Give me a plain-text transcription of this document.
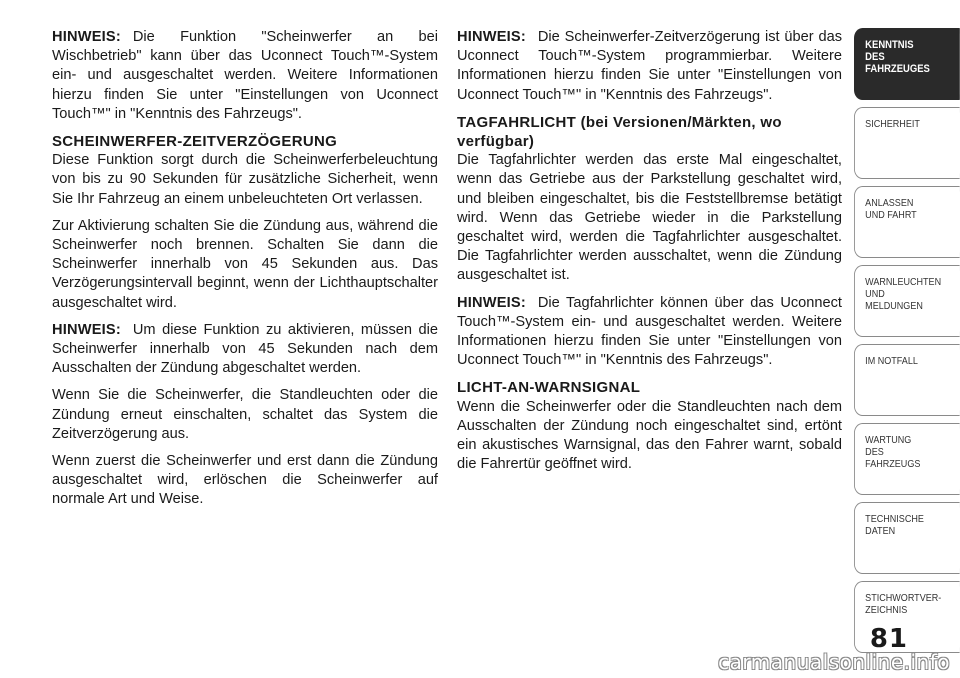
HINWEIS: Die Funktion "Scheinwerfer an bei Wischbetrieb" kann über das Uconnect Touch™-System ein- und ausgeschaltet werden. Weitere Informationen hierzu finden Sie unter "Einstellungen von Uconnect Touch™" in "Kenntnis des Fahrzeugs".

SCHEINWERFER-ZEITVERZÖGERUNG

Diese Funktion sorgt durch die Scheinwerferbeleuchtung von bis zu 90 Sekunden für zusätzliche Sicherheit, wenn Sie Ihr Fahrzeug an einem unbeleuchteten Ort verlassen.

Zur Aktivierung schalten Sie die Zündung aus, während die Scheinwerfer noch brennen. Schalten Sie dann die Scheinwerfer innerhalb von 45 Sekunden aus. Das Verzögerungsintervall beginnt, wenn der Lichthauptschalter ausgeschaltet wird.

HINWEIS: Um diese Funktion zu aktivieren, müssen die Scheinwerfer innerhalb von 45 Sekunden nach dem Ausschalten der Zündung abgeschaltet werden.

Wenn Sie die Scheinwerfer, die Standleuchten oder die Zündung erneut einschalten, schaltet das System die Zeitverzögerung aus.

Wenn zuerst die Scheinwerfer und erst dann die Zündung ausgeschaltet wird, erlöschen die Scheinwerfer auf normale Art und Weise.

HINWEIS: Die Scheinwerfer-Zeitverzögerung ist über das Uconnect Touch™-System programmierbar. Weitere Informationen hierzu finden Sie unter "Einstellungen von Uconnect Touch™" in "Kenntnis des Fahrzeugs".

TAGFAHRLICHT (bei Versionen/Märkten, wo verfügbar)

Die Tagfahrlichter werden das erste Mal eingeschaltet, wenn das Getriebe aus der Parkstellung geschaltet wird, und bleiben eingeschaltet, bis die Feststellbremse betätigt wird. Wenn das Getriebe wieder in die Parkstellung geschaltet wird, werden die Tagfahrlichter ausgeschaltet. Die Tagfahrlichter werden ausschaltet, wenn die Zündung ausgeschaltet ist.

HINWEIS: Die Tagfahrlichter können über das Uconnect Touch™-System ein- und ausgeschaltet werden. Weitere Informationen hierzu finden Sie unter "Einstellungen von Uconnect Touch™" in "Kenntnis des Fahrzeugs".

LICHT-AN-WARNSIGNAL

Wenn die Scheinwerfer oder die Standleuchten nach dem Ausschalten der Zündung noch eingeschaltet sind, ertönt ein akustisches Warnsignal, das den Fahrer warnt, sobald die Fahrertür geöffnet wird.

KENNTNIS
DES
FAHRZEUGES
SICHERHEIT
ANLASSEN
UND FAHRT
WARNLEUCHTEN
UND
MELDUNGEN
IM NOTFALL
WARTUNG
DES
FAHRZEUGS
TECHNISCHE
DATEN
STICHWORTVER-
ZEICHNIS
81
carmanualsonline.info
